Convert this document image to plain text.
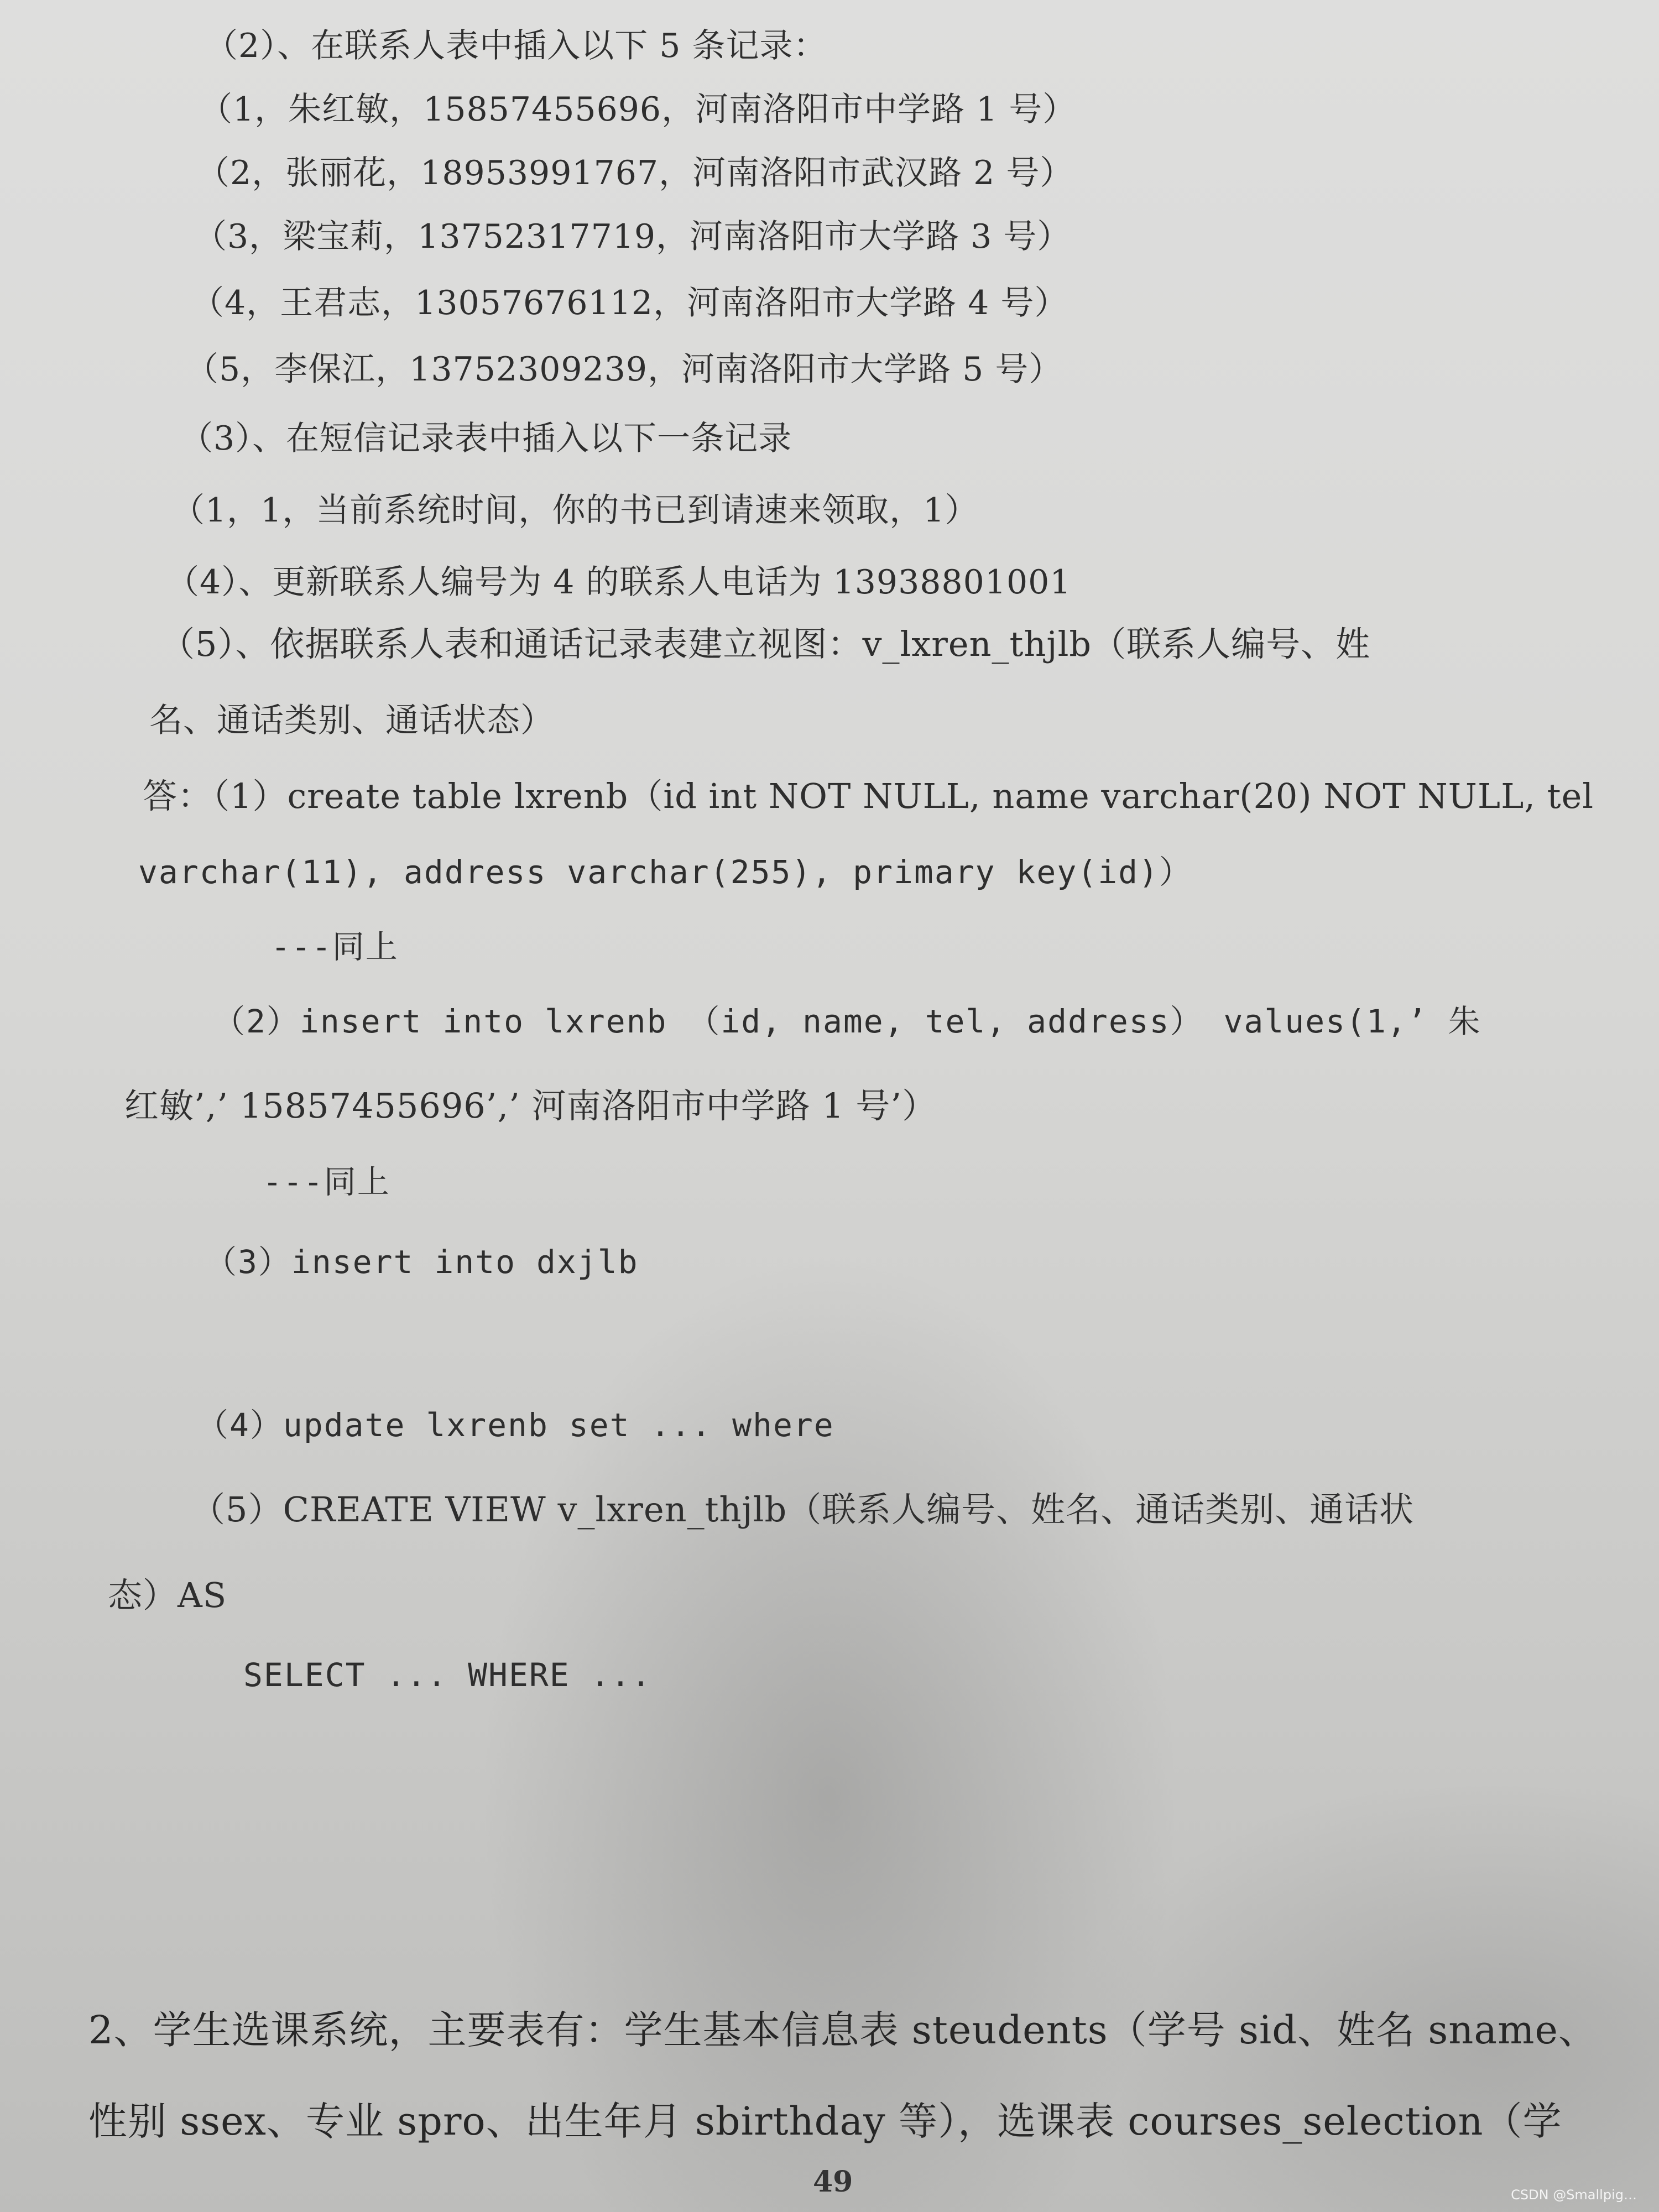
（2）、在联系人表中插入以下 5 条记录：
（1，朱红敏，15857455696，河南洛阳市中学路 1 号）
（2，张丽花，18953991767，河南洛阳市武汉路 2 号）
（3，梁宝莉，13752317719，河南洛阳市大学路 3 号）
（4，王君志，13057676112，河南洛阳市大学路 4 号）
（5，李保江，13752309239，河南洛阳市大学路 5 号）
（3）、在短信记录表中插入以下一条记录
（1，1，当前系统时间，你的书已到请速来领取，1）
（4）、更新联系人编号为 4 的联系人电话为 13938801001
（5）、依据联系人表和通话记录表建立视图：v_lxren_thjlb（联系人编号、姓
名、通话类别、通话状态）
答：（1）create table lxrenb（id int NOT NULL, name varchar(20) NOT NULL, tel
varchar(11), address varchar(255), primary key(id)）
---同上
（2）insert into lxrenb （id, name, tel, address） values(1,’ 朱
红敏’,’ 15857455696’,’ 河南洛阳市中学路 1 号’）
---同上
（3）insert into dxjlb
（4）update lxrenb set ... where
（5）CREATE VIEW v_lxren_thjlb（联系人编号、姓名、通话类别、通话状
态）AS
SELECT ... WHERE ...
2、学生选课系统，主要表有：学生基本信息表 steudents（学号 sid、姓名 sname、
性别 ssex、专业 spro、出生年月 sbirthday 等），选课表 courses_selection（学
49	CSDN @Smallpig…
